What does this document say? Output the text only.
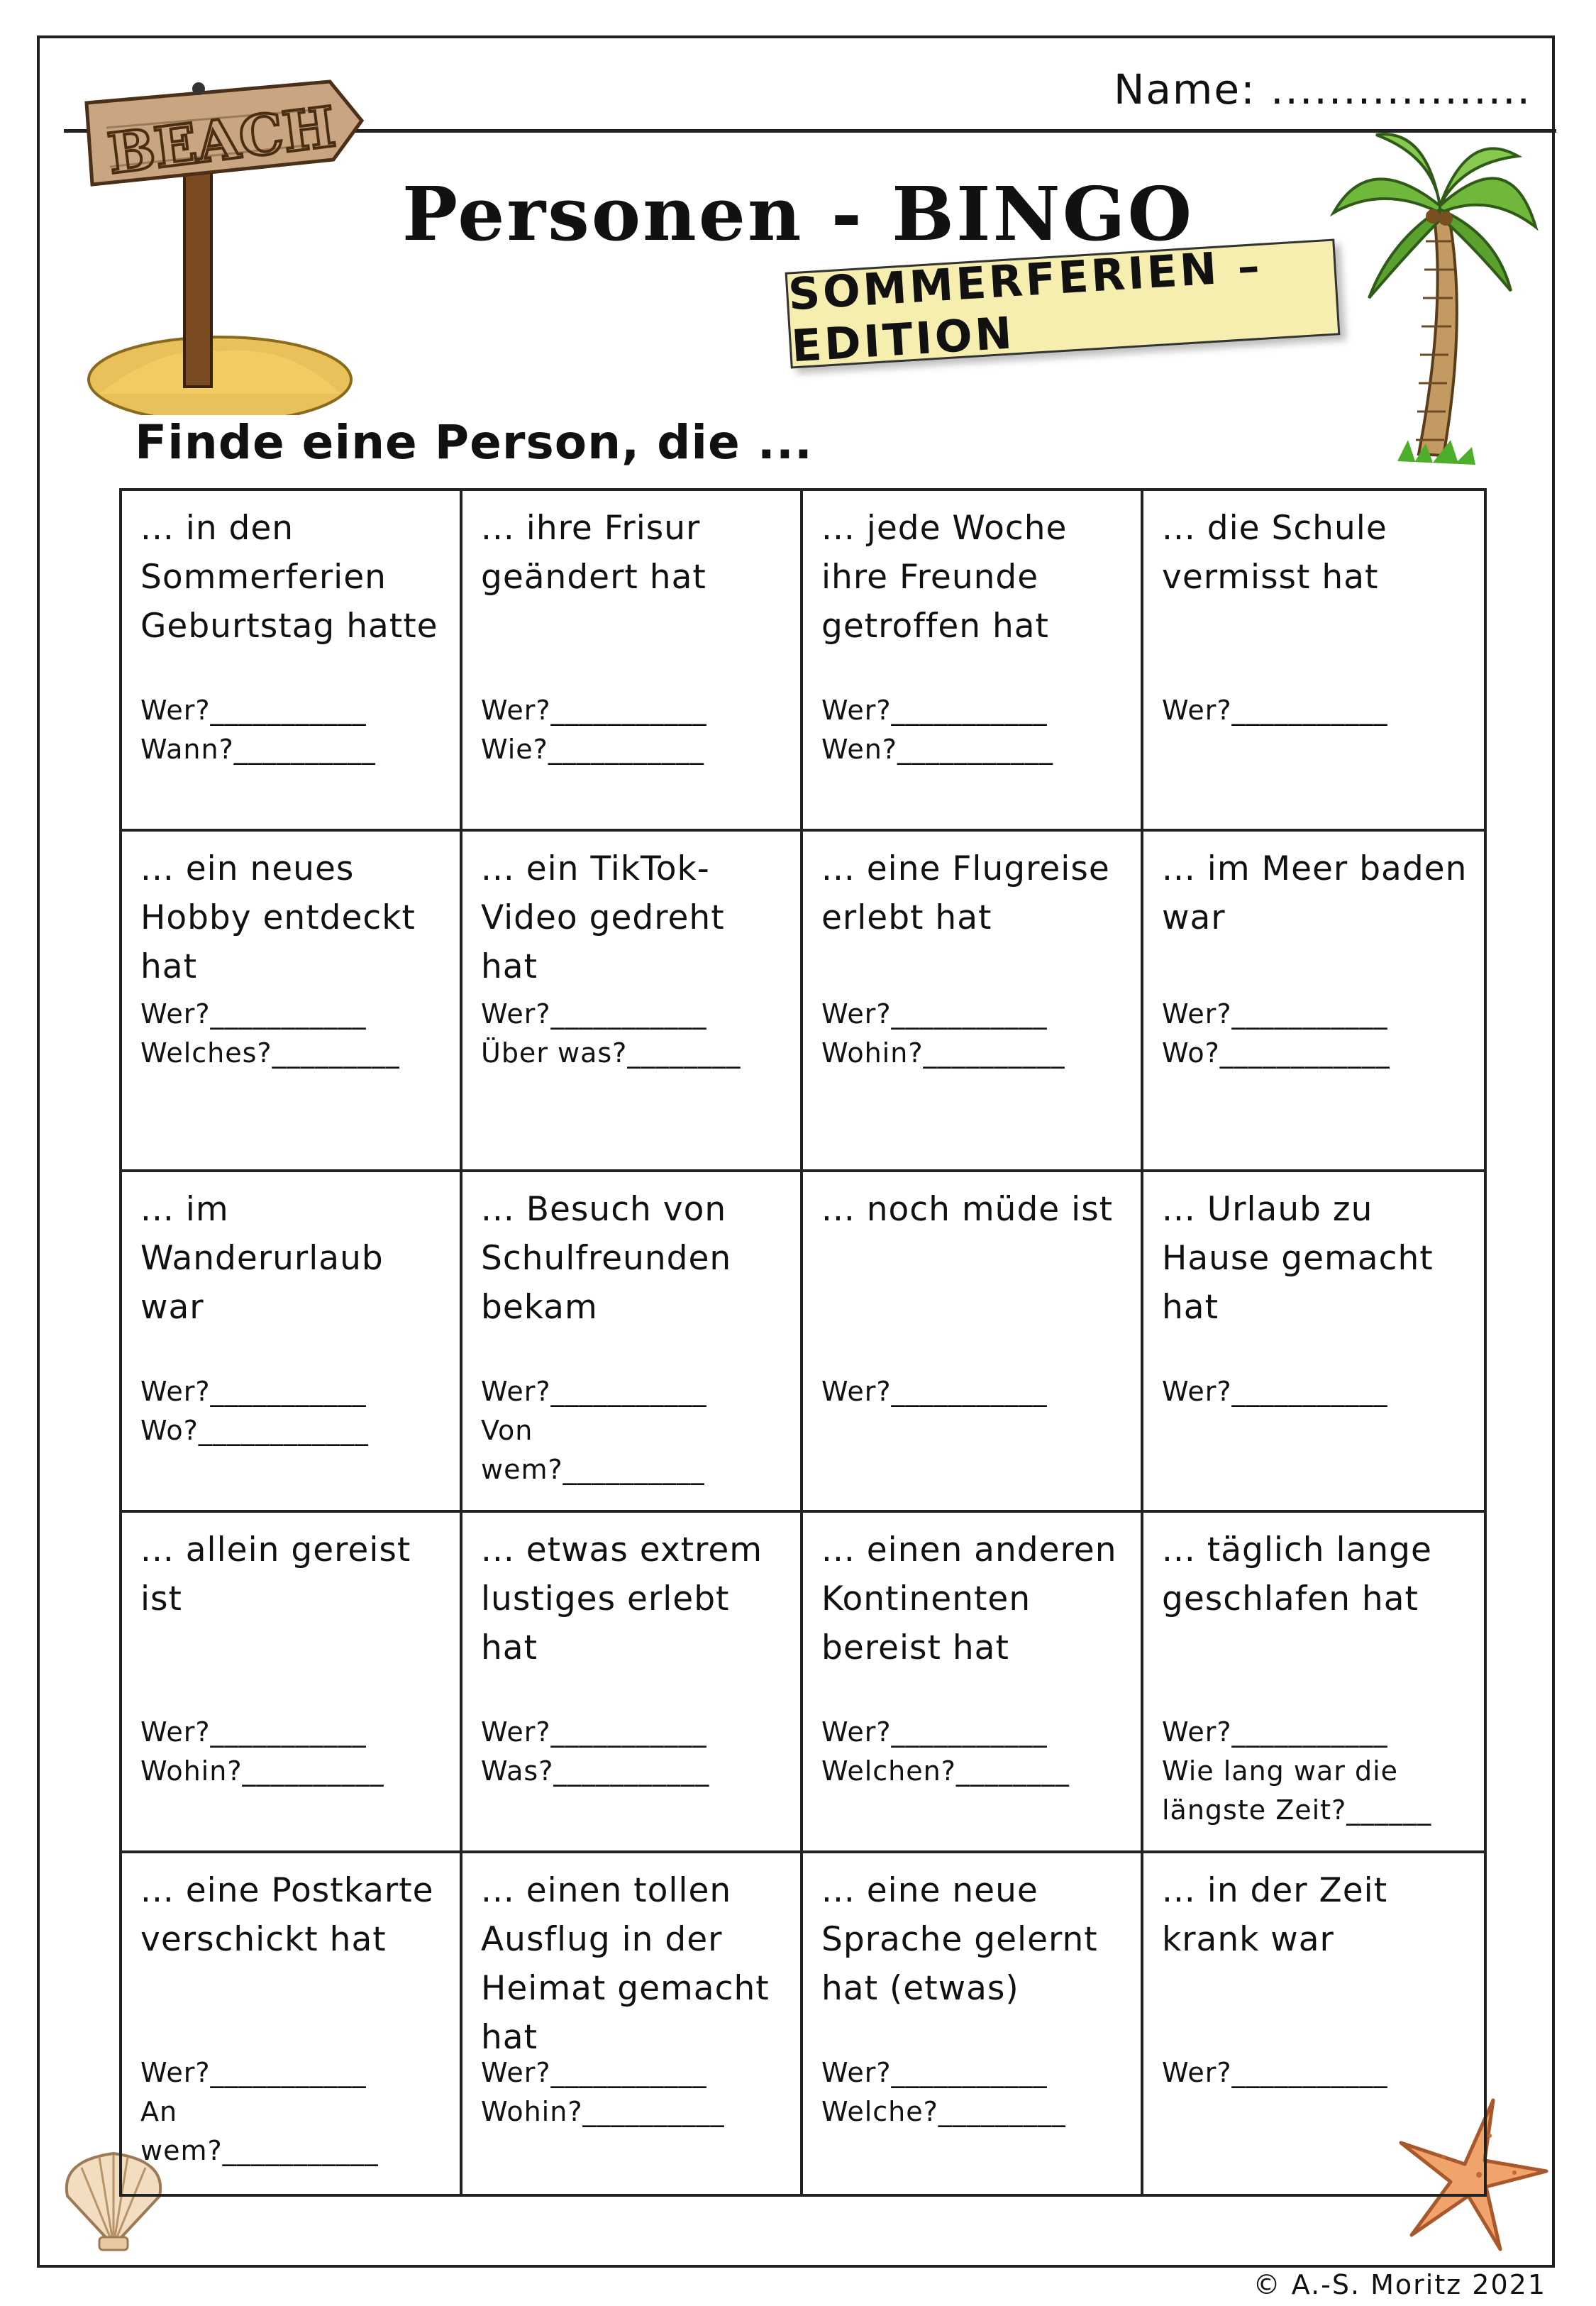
Name: ..................
BEACH
Personen - BINGO
SOMMERFERIEN – EDITION
Finde eine Person, die ...
... in den Sommerferien Geburtstag hatte
Wer?___________
Wann?__________
... ihre Frisur geändert hat
Wer?___________
Wie?___________
... jede Woche ihre Freunde getroffen hat
Wer?___________
Wen?___________
... die Schule vermisst hat
Wer?___________
... ein neues Hobby entdeckt hat
Wer?___________
Welches?_________
... ein TikTok-Video gedreht hat
Wer?___________
Über was?________
... eine Flugreise erlebt hat
Wer?___________
Wohin?__________
... im Meer baden war
Wer?___________
Wo?____________
... im Wanderurlaub war
Wer?___________
Wo?____________
... Besuch von Schulfreunden bekam
Wer?___________
Von
wem?__________
... noch müde ist
Wer?___________
... Urlaub zu Hause gemacht hat
Wer?___________
... allein gereist ist
Wer?___________
Wohin?__________
... etwas extrem lustiges erlebt hat
Wer?___________
Was?___________
... einen anderen Kontinenten bereist hat
Wer?___________
Welchen?________
... täglich lange geschlafen hat
Wer?___________
Wie lang war die
längste Zeit?______
... eine Postkarte verschickt hat
Wer?___________
An
wem?___________
... einen tollen Ausflug in der Heimat gemacht hat
Wer?___________
Wohin?__________
... eine neue Sprache gelernt hat (etwas)
Wer?___________
Welche?_________
... in der Zeit krank war
Wer?___________
© A.-S. Moritz 2021
